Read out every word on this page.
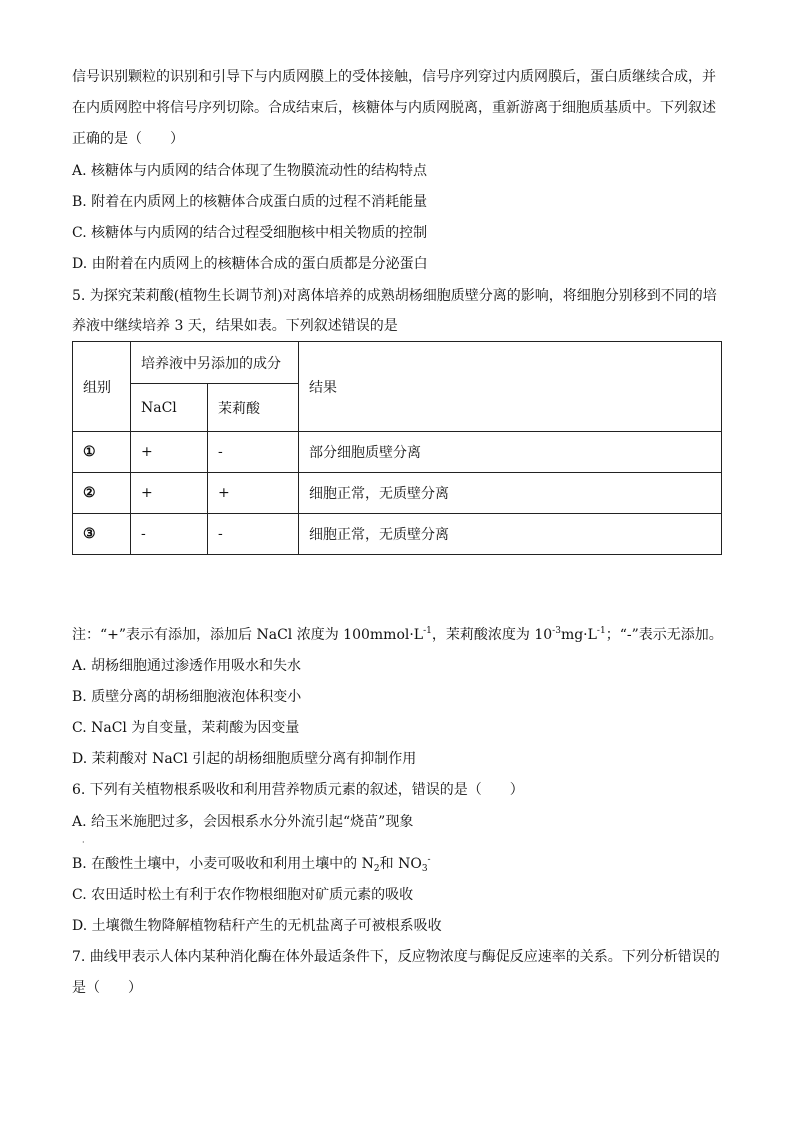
信号识别颗粒的识别和引导下与内质网膜上的受体接触，信号序列穿过内质网膜后，蛋白质继续合成，并
在内质网腔中将信号序列切除。合成结束后，核糖体与内质网脱离，重新游离于细胞质基质中。下列叙述
正确的是（　　）
A. 核糖体与内质网的结合体现了生物膜流动性的结构特点
B. 附着在内质网上的核糖体合成蛋白质的过程不消耗能量
C. 核糖体与内质网的结合过程受细胞核中相关物质的控制
D. 由附着在内质网上的核糖体合成的蛋白质都是分泌蛋白
5. 为探究茉莉酸(植物生长调节剂)对离体培养的成熟胡杨细胞质壁分离的影响，将细胞分别移到不同的培
养液中继续培养 3 天，结果如表。下列叙述错误的是
组别	培养液中另添加的成分		结果
	NaCl	茉莉酸	
①	+	-	部分细胞质壁分离
②	+	+	细胞正常，无质壁分离
③	-	-	细胞正常，无质壁分离
注：“+”表示有添加，添加后 NaCl 浓度为 $100mmol\cdot L^{-1}$，茉莉酸浓度为 $10^{-3}mg\cdot L^{-1}$；“-”表示无添加。
A. 胡杨细胞通过渗透作用吸水和失水
B. 质壁分离的胡杨细胞液泡体积变小
C. NaCl 为自变量，茉莉酸为因变量
D. 茉莉酸对 NaCl 引起的胡杨细胞质壁分离有抑制作用
6. 下列有关植物根系吸收和利用营养物质元素的叙述，错误的是（　　）
A. 给玉米施肥过多，会因根系水分外流引起“烧苗”现象
·
B. 在酸性土壤中，小麦可吸收和利用土壤中的 $N_2$和 $NO_3^-$
C. 农田适时松土有利于农作物根细胞对矿质元素的吸收
D. 土壤微生物降解植物秸秆产生的无机盐离子可被根系吸收
7. 曲线甲表示人体内某种消化酶在体外最适条件下，反应物浓度与酶促反应速率的关系。下列分析错误的
是（　　）
